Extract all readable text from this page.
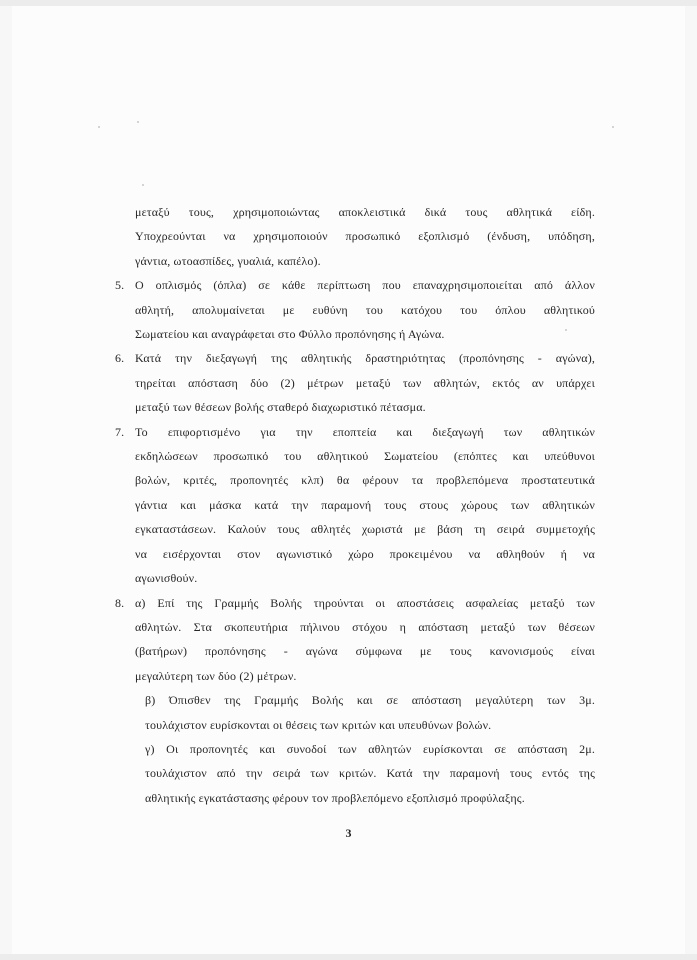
μεταξύ τους, χρησιμοποιώντας αποκλειστικά δικά τους αθλητικά είδη.
Υποχρεούνται να χρησιμοποιούν προσωπικό εξοπλισμό (ένδυση, υπόδηση,
γάντια, ωτοασπίδες, γυαλιά, καπέλο).
5. Ο οπλισμός (όπλα) σε κάθε περίπτωση που επαναχρησιμοποιείται από άλλον
αθλητή, απολυμαίνεται με ευθύνη του κατόχου του όπλου αθλητικού
Σωματείου και αναγράφεται στο Φύλλο προπόνησης ή Αγώνα.
6. Κατά την διεξαγωγή της αθλητικής δραστηριότητας (προπόνησης - αγώνα),
τηρείται απόσταση δύο (2) μέτρων μεταξύ των αθλητών, εκτός αν υπάρχει
μεταξύ των θέσεων βολής σταθερό διαχωριστικό πέτασμα.
7. Το επιφορτισμένο για την εποπτεία και διεξαγωγή των αθλητικών
εκδηλώσεων προσωπικό του αθλητικού Σωματείου (επόπτες και υπεύθυνοι
βολών, κριτές, προπονητές κλπ) θα φέρουν τα προβλεπόμενα προστατευτικά
γάντια και μάσκα κατά την παραμονή τους στους χώρους των αθλητικών
εγκαταστάσεων. Καλούν τους αθλητές χωριστά με βάση τη σειρά συμμετοχής
να εισέρχονται στον αγωνιστικό χώρο προκειμένου να αθληθούν ή να
αγωνισθούν.
8. α) Επί της Γραμμής Βολής τηρούνται οι αποστάσεις ασφαλείας μεταξύ των
αθλητών. Στα σκοπευτήρια πήλινου στόχου η απόσταση μεταξύ των θέσεων
(βατήρων) προπόνησης - αγώνα σύμφωνα με τους κανονισμούς είναι
μεγαλύτερη των δύο (2) μέτρων.
β) Όπισθεν της Γραμμής Βολής και σε απόσταση μεγαλύτερη των 3μ.
τουλάχιστον ευρίσκονται οι θέσεις των κριτών και υπευθύνων βολών.
γ) Οι προπονητές και συνοδοί των αθλητών ευρίσκονται σε απόσταση 2μ.
τουλάχιστον από την σειρά των κριτών. Κατά την παραμονή τους εντός της
αθλητικής εγκατάστασης φέρουν τον προβλεπόμενο εξοπλισμό προφύλαξης.
3
